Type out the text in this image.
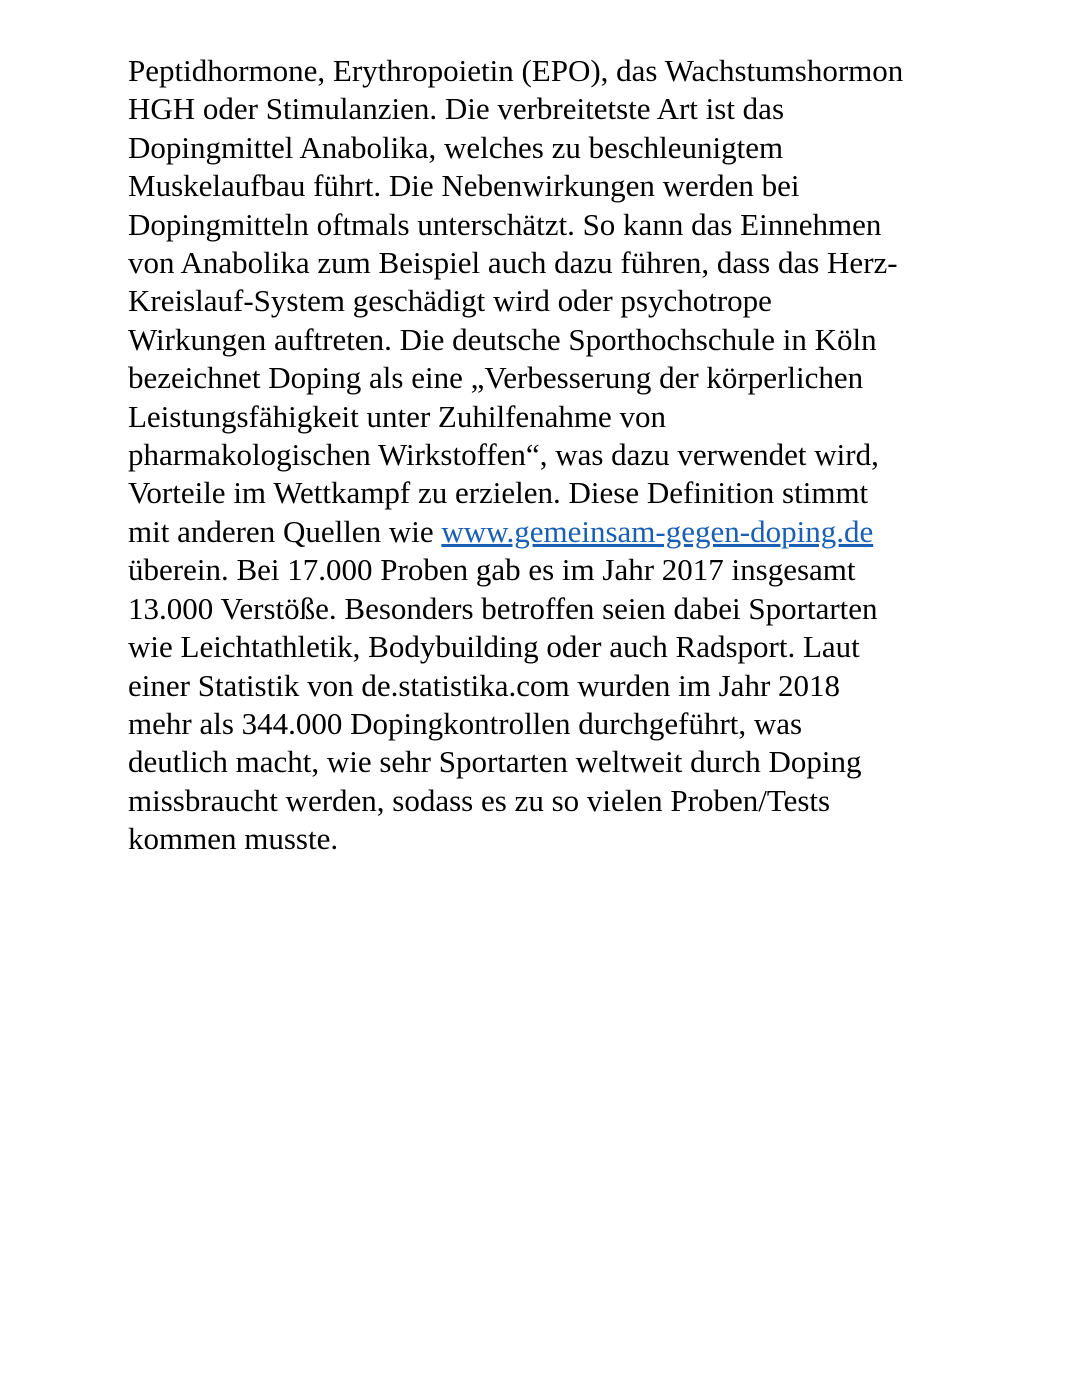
Peptidhormone, Erythropoietin (EPO), das Wachstumshormon
HGH oder Stimulanzien. Die verbreitetste Art ist das
Dopingmittel Anabolika, welches zu beschleunigtem
Muskelaufbau führt. Die Nebenwirkungen werden bei
Dopingmitteln oftmals unterschätzt. So kann das Einnehmen
von Anabolika zum Beispiel auch dazu führen, dass das Herz-
Kreislauf-System geschädigt wird oder psychotrope
Wirkungen auftreten. Die deutsche Sporthochschule in Köln
bezeichnet Doping als eine „Verbesserung der körperlichen
Leistungsfähigkeit unter Zuhilfenahme von
pharmakologischen Wirkstoffen“, was dazu verwendet wird,
Vorteile im Wettkampf zu erzielen. Diese Definition stimmt
mit anderen Quellen wie www.gemeinsam-gegen-doping.de
überein. Bei 17.000 Proben gab es im Jahr 2017 insgesamt
13.000 Verstöße. Besonders betroffen seien dabei Sportarten
wie Leichtathletik, Bodybuilding oder auch Radsport. Laut
einer Statistik von de.statistika.com wurden im Jahr 2018
mehr als 344.000 Dopingkontrollen durchgeführt, was
deutlich macht, wie sehr Sportarten weltweit durch Doping
missbraucht werden, sodass es zu so vielen Proben/Tests
kommen musste.
